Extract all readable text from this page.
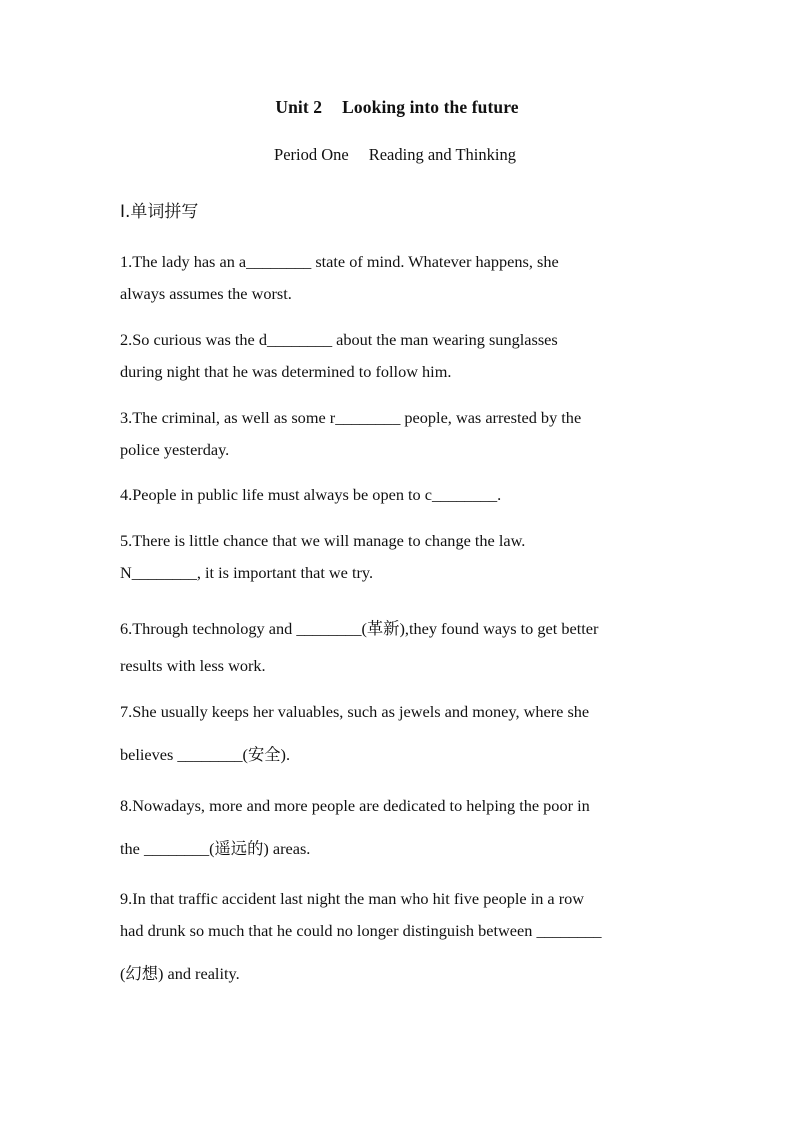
Unit 2 Looking into the future
Period One Reading and Thinking
Ⅰ.单词拼写
1.The lady has an a________ state of mind. Whatever happens, she
always assumes the worst.
2.So curious was the d________ about the man wearing sunglasses
during night that he was determined to follow him.
3.The criminal, as well as some r________ people, was arrested by the
police yesterday.
4.People in public life must always be open to c________.
5.There is little chance that we will manage to change the law.
N________, it is important that we try.
6.Through technology and ________(革新),they found ways to get better
results with less work.
7.She usually keeps her valuables, such as jewels and money, where she
believes ________(安全).
8.Nowadays, more and more people are dedicated to helping the poor in
the ________(遥远的) areas.
9.In that traffic accident last night the man who hit five people in a row
had drunk so much that he could no longer distinguish between ________
(幻想) and reality.
